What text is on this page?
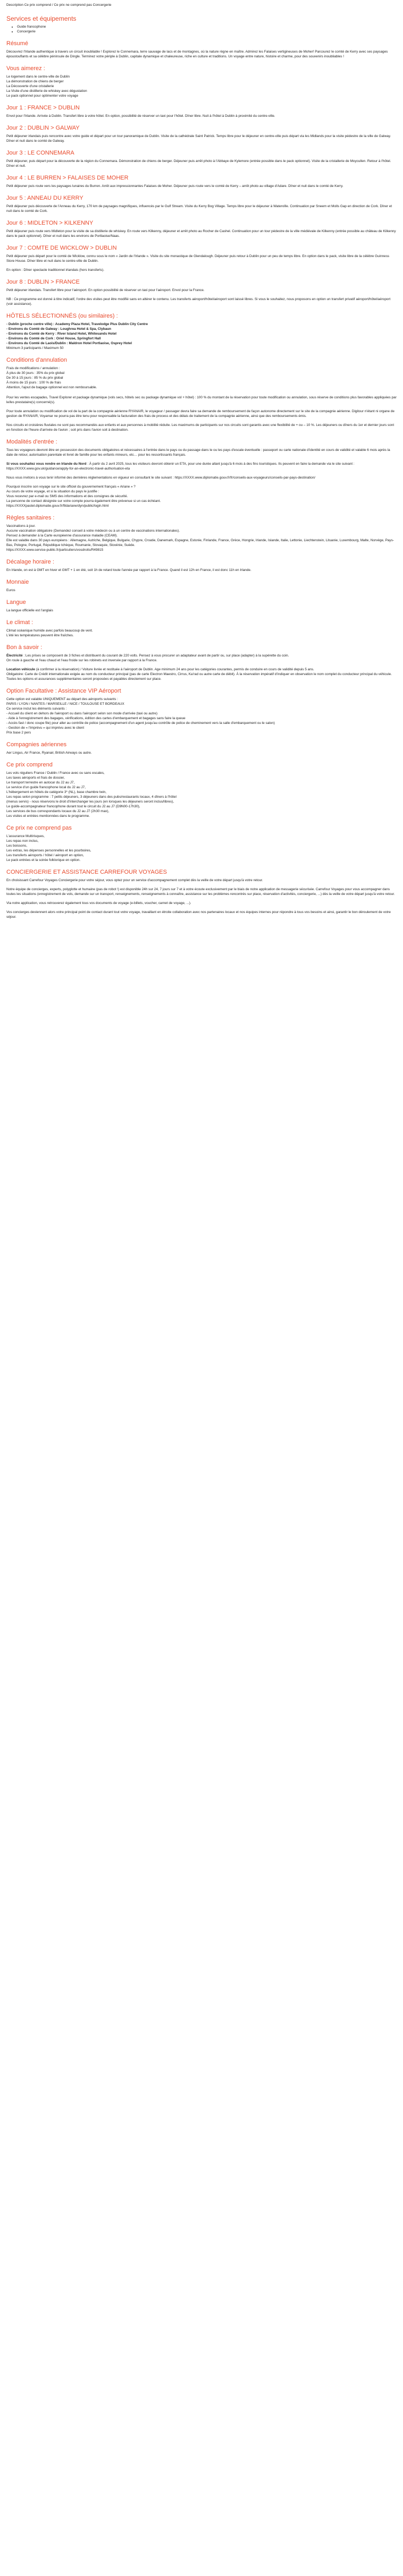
Description Ce prix comprend / Ce prix ne comprend pas Concergerie
Services et équipements
• Guide francophone
• Concergerie
Résumé

Découvrez l'Irlande authentique à travers un circuit inoubliable ! Explorez le Connemara, terre sauvage de lacs et de montagnes, où la nature règne en maître. Admirez les Falaises vertigineuses de Moher! Parcourez le comté de Kerry avec ses paysages époustouflants et sa célèbre péninsule de Dingle. Terminez votre périple à Dublin, capitale dynamique et chaleureuse, riche en culture et traditions. Un voyage entre nature, histoire et charme, pour des souvenirs inoubliables !

Vous aimerez :
Le logement dans le centre-ville de Dublin
La démonstration de chiens de berger
La Découverte d'une cristallerie
La Visite d'une distillerie de whiskey avec dégustation
Le pack optionnel pour optimenter votre voyage
Jour 1 : FRANCE > DUBLIN

Envol pour l'Irlande. Arrivée à Dublin. Transfert libre à votre hôtel. En option, possibilité de réserver un taxi pour l'hôtel. Dîner libre. Nuit à l'hôtel à Dublin à proximité du centre-ville.

Jour 2 : DUBLIN > GALWAY

Petit déjeuner irlandais puis rencontre avec votre guide et départ pour un tour panoramique de Dublin. Visite de la cathédrale Saint Patrick. Temps libre pour le déjeuner en centre-ville puis départ via les Midlands pour la visite pédestre de la ville de Galway. Dîner et nuit dans le comté de Galway.

Jour 3 : LE CONNEMARA

Petit déjeuner, puis départ pour la découverte de la région du Connemara. Démonstration de chiens de berger. Déjeuner puis arrêt photo à l'Abbaye de Kylemore (entrée possible dans le pack optionnel). Visite de la cristallerie de Moycullen. Retour à l'hôtel. Dîner et nuit.

Jour 4 : LE BURREN > FALAISES DE MOHER

Petit déjeuner puis route vers les paysages lunaires du Burren. Arrêt aux impressionnantes Falaises de Moher. Déjeuner puis route vers le comté de Kerry – arrêt photo au village d'Adare. Dîner et nuit dans le comté de Kerry.

Jour 5 : ANNEAU DU KERRY

Petit déjeuner puis découverte de l'Anneau du Kerry, 170 km de paysages magnifiques, influencés par le Gulf Stream. Visite du Kerry Bog Village. Temps libre pour le déjeuner à Waterville. Continuation par Sneem et Molls Gap en direction de Cork. Dîner et nuit dans le comté de Cork.

Jour 6 : MIDLETON > KILKENNY

Petit déjeuner puis route vers Midleton pour la visite de sa distillerie de whiskey. En route vers Kilkenny, déjeuner et arrêt photo au Rocher de Cashel. Continuation pour un tour pédestre de la ville médiévale de Kilkenny (entrée possible au château de Kilkenny dans le pack optionnel). Dîner et nuit dans les environs de Portlaoise/Naas.

Jour 7 : COMTE DE WICKLOW > DUBLIN

Petit déjeuner puis départ pour le comté de Wicklow, connu sous le nom « Jardin de l'Irlande ». Visite du site monastique de Glendalough. Déjeuner puis retour à Dublin pour un peu de temps libre. En option dans le pack, visite libre de la célèbre Guinness Store House. Dîner libre et nuit dans le centre-ville de Dublin.

En option : Dîner spectacle traditionnel irlandais (hors transferts).

Jour 8 : DUBLIN > FRANCE

Petit déjeuner irlandais. Transfert libre pour l'aéroport. En option possibilité de réserver un taxi pour l'aéroport. Envol pour la France.

NB : Ce programme est donné à titre indicatif, l'ordre des visites peut être modifié sans en altérer le contenu. Les transferts aéroport/hôtel/aéroport sont laissé libres. Si vous le souhaitez, nous proposons en option un transfert privatif aéroport/hôtel/aéroport (voir assistance).

HÔTELS SÉLECTIONNÉS (ou similaires) :
- Dublin (proche centre ville) : Academy Plaza Hotel, Travelodge Plus Dublin City Centre
- Environs du Comté de Galway : Loughrea Hotel & Spa, Clybaun
- Environs du Comté de Kerry : River Island Hotel, Whitesands Hotel
- Environs du Comté de Cork : Oriel House, Springfort Hall
- Environs du Comté de Laois/Dublin : Maldron Hotel Portlaoise, Osprey Hotel
Minimum 3 participants / Maximum 50
Conditions d'annulation
Frais de modifications / annulation :
À plus de 30 jours : 35% du prix global
De 30 à 15 jours : 85 % du prix global
À moins de 15 jours : 100 % de frais
Attention, l'ajout de bagage optionnel est non remboursable.

Pour les ventes escapades, Travel Explorer et package dynamique (vols secs, hôtels sec ou package dynamique vol + hôtel) : 100 % du montant de la réservation pour toute modification ou annulation, sous réserve de conditions plus favorables appliquées par le/les prestataire(s) concerné(s).

Pour toute annulation ou modification de vol de la part de la compagnie aérienne RYANAIR, le voyageur / passager devra faire sa demande de remboursement de façon autonome directement sur le site de la compagnie aérienne. Digitour n'étant ni organe de gestion de RYANAIR, Voyamar ne pourra pas être tenu pour responsable la facturation des frais de process et des délais de traitement de la compagnie aérienne, ainsi que des remboursements émis.

Nos circuits et croisières fluviales ne sont pas recommandés aux enfants et aux personnes à mobilité réduite. Les maximums de participants sur nos circuits sont garantis avec une flexibilité de + ou – 10 %. Les déjeuners ou dîners du 1er et dernier jours sont en fonction de l'heure d'arrivée de l'avion ; soit pris dans l'avion soit à destination.

Modalités d'entrée :

Tous les voyageurs devront être en possession des documents obligatoires et nécessaires à l'entrée dans le pays ou du passage dans le ou les pays d'escale éventuelle : passeport ou carte nationale d'identité en cours de validité et valable 6 mois après la date de retour, autorisation parentale et livret de famille pour les enfants mineurs, etc… pour les ressortissants français.

Si vous souhaitez vous rendre en Irlande du Nord : À partir du 2 avril 2025, tous les visiteurs devront obtenir un ETA, pour une durée allant jusqu'à 6 mois à des fins touristiques. Ils peuvent en faire la demande via le site suivant : https://XXXX.www.gov.uk/guidance/apply-for-an-electronic-travel-authorisation-eta

Nous vous invitons à vous tenir informé des dernières réglementations en vigueur en consultant le site suivant : https://XXXX.www.diplomatie.gouv.fr/fr/conseils-aux-voyageurs/conseils-par-pays-destination/

Pourquoi inscrire son voyage sur le site officiel du gouvernement français « Ariane » ?
Au cours de votre voyage, et si la situation du pays le justifie :
Vous recevrez par e-mail ou SMS des informations et des consignes de sécurité.
La personne de contact désignée sur votre compte pourra également être prévenue si un cas échéant.
https://XXXXpastel.diplomatie.gouv.fr/fildariane/dyn/public/login.html

Règles sanitaires :

Vaccinations à jour.
Aucune vaccination obligatoire (Demandez conseil à votre médecin ou à un centre de vaccinations internationales).
Pensez à demander à la Carte européenne d'assurance maladie (CEAM).
Elle est valable dans 30 pays européens : Allemagne, Autriche, Belgique, Bulgarie, Chypre, Croatie, Danemark, Espagne, Estonie, Finlande, France, Grèce, Hongrie, Irlande, Islande, Italie, Lettonie, Liechtenstein, Lituanie, Luxembourg, Malte, Norvège, Pays-Bas, Pologne, Portugal, République tchèque, Roumanie, Slovaquie, Slovénie, Suède.
https://XXXX.www.service-public.fr/particuliers/vosdroits/R49815

Décalage horaire :

En Irlande, on est à GMT en hiver et GMT + 1 en été, soit 1h de retard toute l'année par rapport à la France. Quand il est 12h en France, il est donc 11h en Irlande.

Monnaie

Euros

Langue

La langue officielle est l'anglais

Le climat :

Climat océanique humide avec parfois beaucoup de vent.
L'été les températures peuvent être fraîches.

Bon à savoir :

Électricité : Les prises se composent de 3 fiches et distribuent du courant de 220 volts. Pensez à vous procurer un adaptateur avant de partir ou, sur place (adapter) à la supérette du coin.
On roule à gauche et l'eau chaud et l'eau froide sur les robinets est inversée par rapport à la France.

Location véhicule (à confirmer à la réservation) / Voiture livrée et restituée à l'aéroport de Dublin. Age minimum 24 ans pour les catégories courantes, permis de conduire en cours de validité depuis 5 ans.
Obligatoire: Carte de Crédit internationale exigée au nom du conducteur principal (pas de carte Electron Maestro, Cirrus, Ka'rad ou autre carte de débit). À la réservation impératif d'indiquer en observation le nom complet du conducteur principal du véhicule.
Toutes les options et assurances supplémentaires seront proposées et payables directement sur place.

Option Facultative : Assistance VIP Aéroport
Cette option est valable UNIQUEMENT au départ des aéroports suivants :
PARIS / LYON / NANTES / MARSEILLE / NICE / TOULOUSE ET BORDEAUX
Ce service inclut les éléments suivants :
- Accueil du client en dehors de l'aéroport ou dans l'aéroport selon son mode d'arrivée (taxi ou autre)
- Aide à l'enregistrement des bagages, vérifications, édition des cartes d'embarquement et bagages sans faire la queue
- Accès fast / donc coupe file) pour aller au contrôle de police (accompagnement d'un agent jusqu'au contrôle de police de cheminement vers la salle d'embarquement ou le salon)
- Gestion de « l'imprévu » qui imprévu avec le client
Prix base 2 pers
Compagnies aériennes

Aer Lingus, Air France, Ryanair, British Airways ou autre.

Ce prix comprend
Les vols réguliers France / Dublin / France avec ou sans escales,
Les taxes aéroports et frais de dossier,
Le transport terrestre en autocar du J2 au J7,
Le service d'un guide francophone local du J2 au J7,
L'hébergement en hôtels de catégorie 3* (NL), base chambre twin,
Les repas selon programme : 7 petits déjeuners, 3 déjeuners dans des pubs/restaurants locaux, 4 dîners à l'hôtel
(menus servis) - nous réservons le droit d'interchanger les jours (en lorsques les déjeuners seront inclus/libres),
Le guide-accompagnateur francophone durant tout le circuit du J2 au J7 (D9N00-17h30),
Les services de bus correspondants locaux du J2 au J7 (2h30 max),
Les visites et entrées mentionnées dans le programme.
Ce prix ne comprend pas
L'assurance Multirisques,
Les repas non inclus,
Les boissons,
Les extras, les dépenses personnelles et les pourboires,
Les transferts aéroports / hôtel / aéroport en option,
Le pack entrées et la soirée folklorique en option.
CONCIERGERIE ET ASSISTANCE CARREFOUR VOYAGES

En choisissant Carrefour Voyages Conciergerie pour votre séjour, vous optez pour un service d'accompagnement complet dès la veille de votre départ jusqu'à votre retour.

Notre équipe de concierges, experts, polyglotte et humaine (pas de robot !) est disponible 24h sur 24, 7 jours sur 7 et à votre écoute exclusivement par le biais de notre application de messagerie sécurisée. Carrefour Voyages pour vous accompagner dans toutes les situations (enregistrement de vols, demande sur un transport, renseignements, renseignements à connaître, assistance sur les problèmes rencontrés sur place, réservation d'activités, conciergerie, ...) dès la veille de votre départ jusqu'à votre retour.

Via notre application, vous retrouverez également tous vos documents de voyage (e-billets, voucher, carnet de voyage, ...).

Vos concierges deviennent alors votre principal point de contact durant tout votre voyage, travaillant en étroite collaboration avec nos partenaires locaux et nos équipes internes pour répondre à tous vos besoins et ainsi, garantir le bon déroulement de votre séjour.
